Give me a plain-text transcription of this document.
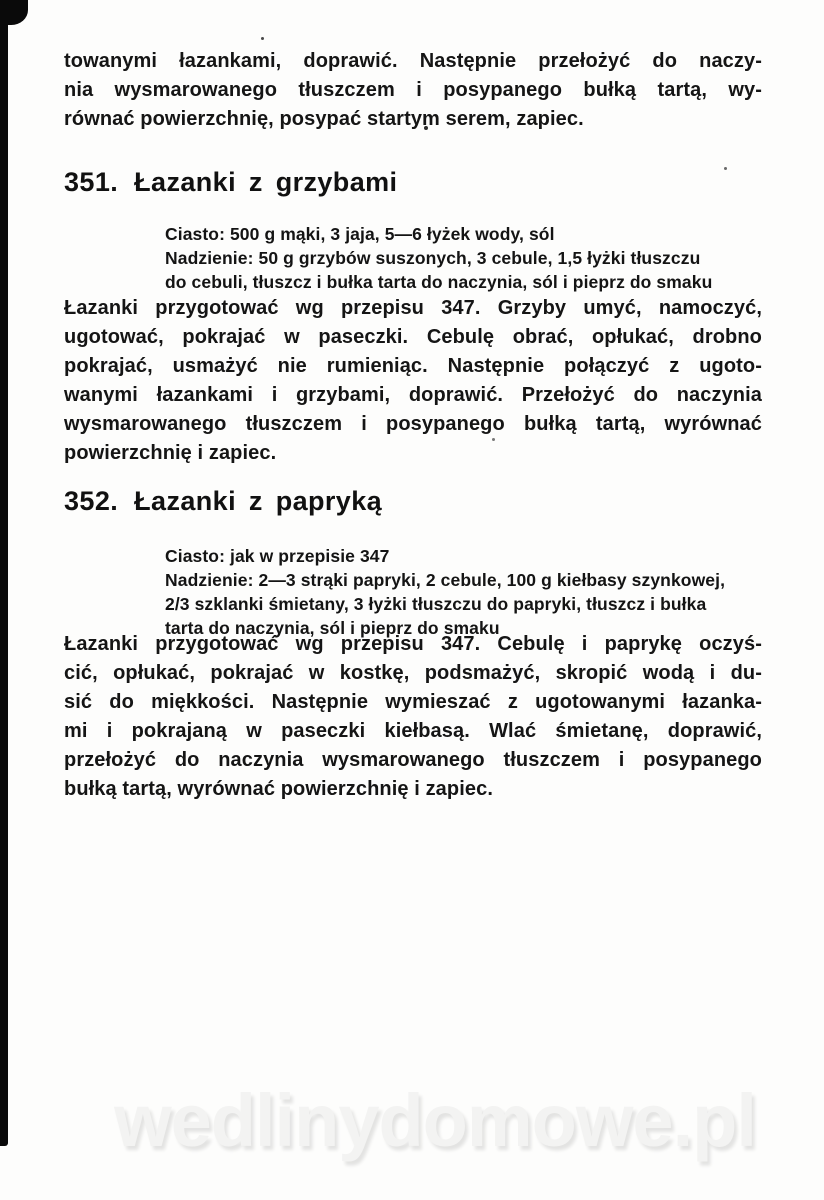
towanymi łazankami, doprawić. Następnie przełożyć do naczy-
nia wysmarowanego tłuszczem i posypanego bułką tartą, wy-
równać powierzchnię, posypać startym serem, zapiec.
351. Łazanki z grzybami
Ciasto: 500 g mąki, 3 jaja, 5—6 łyżek wody, sól
Nadzienie: 50 g grzybów suszonych, 3 cebule, 1,5 łyżki tłuszczu
do cebuli, tłuszcz i bułka tarta do naczynia, sól i pieprz do smaku
Łazanki przygotować wg przepisu 347. Grzyby umyć, namoczyć,
ugotować, pokrajać w paseczki. Cebulę obrać, opłukać, drobno
pokrajać, usmażyć nie rumieniąc. Następnie połączyć z ugoto-
wanymi łazankami i grzybami, doprawić. Przełożyć do naczynia
wysmarowanego tłuszczem i posypanego bułką tartą, wyrównać
powierzchnię i zapiec.
352. Łazanki z papryką
Ciasto: jak w przepisie 347
Nadzienie: 2—3 strąki papryki, 2 cebule, 100 g kiełbasy szynkowej,
2/3 szklanki śmietany, 3 łyżki tłuszczu do papryki, tłuszcz i bułka
tarta do naczynia, sól i pieprz do smaku
Łazanki przygotować wg przepisu 347. Cebulę i paprykę oczyś-
cić, opłukać, pokrajać w kostkę, podsmażyć, skropić wodą i du-
sić do miękkości. Następnie wymieszać z ugotowanymi łazanka-
mi i pokrajaną w paseczki kiełbasą. Wlać śmietanę, doprawić,
przełożyć do naczynia wysmarowanego tłuszczem i posypanego
bułką tartą, wyrównać powierzchnię i zapiec.
wedlinydomowe.pl
